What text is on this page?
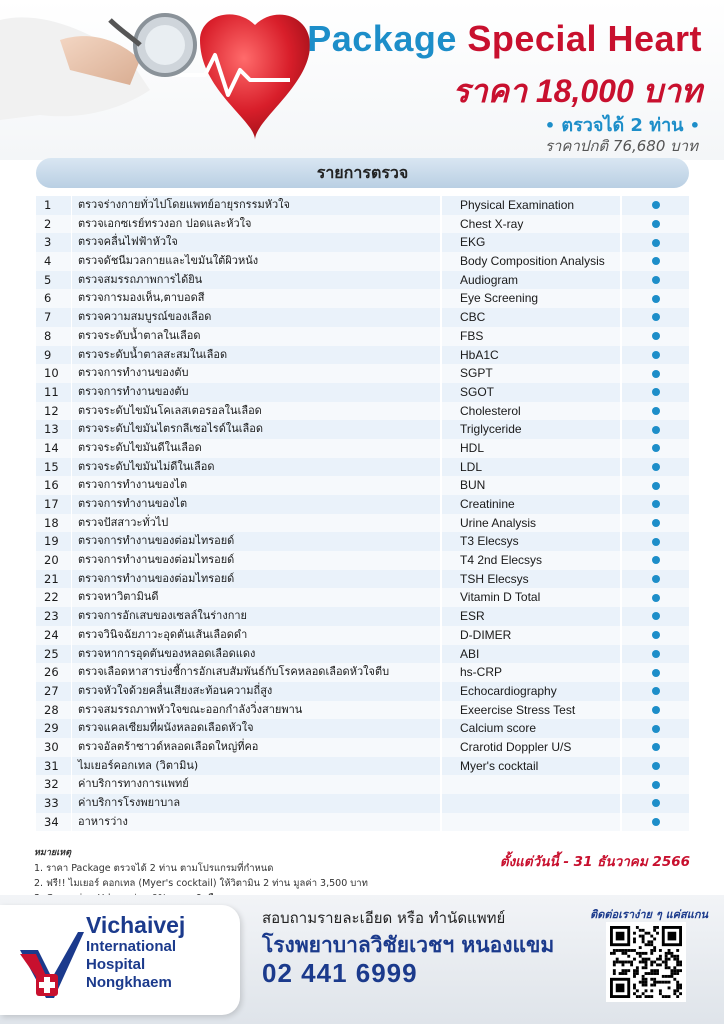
Package Special Heart
ราคา 18,000 บาท
• ตรวจได้ 2 ท่าน •
ราคาปกติ 76,680 บาท
รายการตรวจ
1	ตรวจร่างกายทั่วไปโดยแพทย์อายุรกรรมหัวใจ	Physical Examination
2	ตรวจเอกซเรย์ทรวงอก ปอดและหัวใจ	Chest X-ray
3	ตรวจคลื่นไฟฟ้าหัวใจ	EKG
4	ตรวจดัชนีมวลกายและไขมันใต้ผิวหนัง	Body Composition Analysis
5	ตรวจสมรรถภาพการได้ยิน	Audiogram
6	ตรวจการมองเห็น,ตาบอดสี	Eye Screening
7	ตรวจความสมบูรณ์ของเลือด	CBC
8	ตรวจระดับน้ำตาลในเลือด	FBS
9	ตรวจระดับน้ำตาลสะสมในเลือด	HbA1C
10	ตรวจการทำงานของตับ	SGPT
11	ตรวจการทำงานของตับ	SGOT
12	ตรวจระดับไขมันโคเลสเตอรอลในเลือด	Cholesterol
13	ตรวจระดับไขมันไตรกลีเซอไรด์ในเลือด	Triglyceride
14	ตรวจระดับไขมันดีในเลือด	HDL
15	ตรวจระดับไขมันไม่ดีในเลือด	LDL
16	ตรวจการทำงานของไต	BUN
17	ตรวจการทำงานของไต	Creatinine
18	ตรวจปัสสาวะทั่วไป	Urine Analysis
19	ตรวจการทำงานของต่อมไทรอยด์	T3 Elecsys
20	ตรวจการทำงานของต่อมไทรอยด์	T4 2nd Elecsys
21	ตรวจการทำงานของต่อมไทรอยด์	TSH Elecsys
22	ตรวจหาวิตามินดี	Vitamin D Total
23	ตรวจการอักเสบของเซลล์ในร่างกาย	ESR
24	ตรวจวินิจฉัยภาวะอุดตันเส้นเลือดดำ	D-DIMER
25	ตรวจหาการอุดตันของหลอดเลือดแดง	ABI
26	ตรวจเลือดหาสารบ่งชี้การอักเสบสัมพันธ์กับโรคหลอดเลือดหัวใจตีบ	hs-CRP
27	ตรวจหัวใจด้วยคลื่นเสียงสะท้อนความถี่สูง	Echocardiography
28	ตรวจสมรรถภาพหัวใจขณะออกกำลังวิ่งสายพาน	Exeercise Stress Test
29	ตรวจแคลเซียมที่ผนังหลอดเลือดหัวใจ	Calcium score
30	ตรวจอัลตร้าซาวด์หลอดเลือดใหญ่ที่คอ	Crarotid Doppler U/S
31	ไมเยอร์คอกเทล (วิตามิน)	Myer's cocktail
32	ค่าบริการทางการแพทย์
33	ค่าบริการโรงพยาบาล
34	อาหารว่าง
หมายเหตุ
1. ราคา Package ตรวจได้ 2 ท่าน ตามโปรแกรมที่กำหนด
2. ฟรี!! ไมเยอร์ คอกเทล (Myer's cocktail) ให้วิตามิน 2 ท่าน มูลค่า 3,500 บาท
ตั้งแต่วันนี้ - 31 ธันวาคม 2566
Vichaivej
International
Hospital
Nongkhaem
สอบถามรายละเอียด หรือ ทำนัดแพทย์
โรงพยาบาลวิชัยเวชฯ หนองแขม
02 441 6999
ติดต่อเราง่าย ๆ แค่สแกน
